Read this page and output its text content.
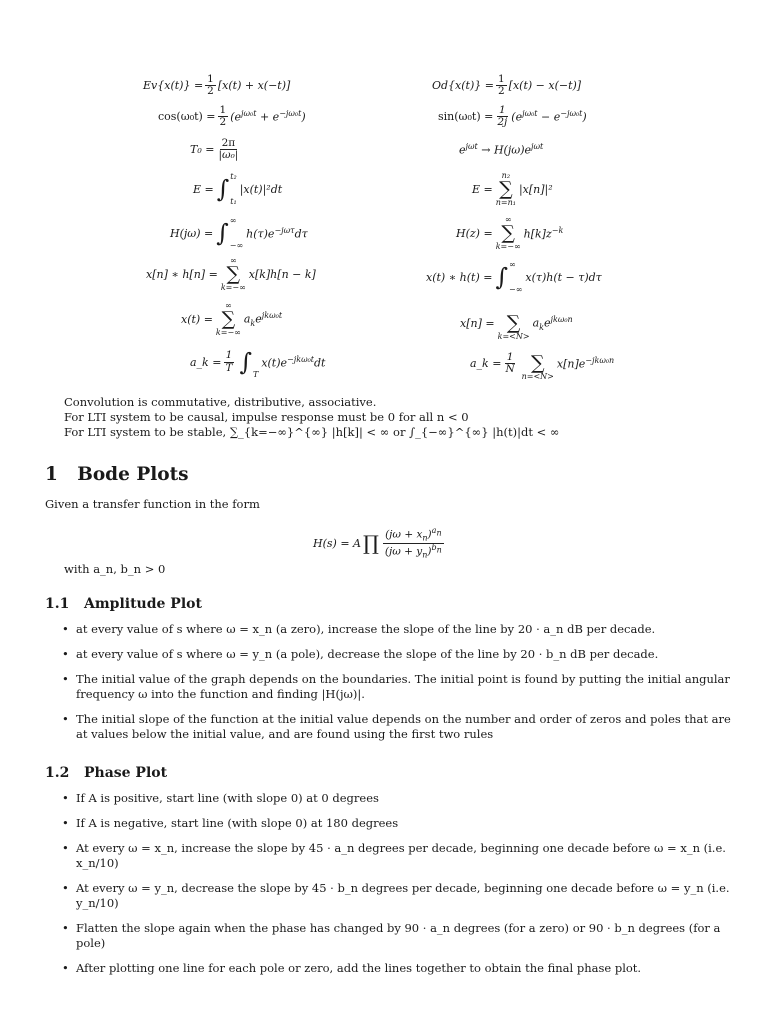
$Ev\{x(t)\} = \frac{1}{2} [x(t) + x(-t)]$
$\cos(\omega_0t) = \frac{1}{2} (e^{j\omega_0t} + e^{-j\omega_0t})$
$T_0 = \frac{2\pi}{\text{|ω₀|}}$
E = ∫ t₂
t₁
|x(t)|²dt
H(jω) = ∫ ∞
−∞
$h(\tau)e^{-j\omega\tau}d\tau$
x[n] ∗ h[n] =
∞
∑
k=−∞
x[k]h[n − k]
x(t) =
∞
∑
k=−∞
$a_ke^{jk\omega_0t}$
a_k = $\frac{1}{T}$ ∫ T
$x(t)e^{-jk\omega_0t}dt$
$Od\{x(t)\} = \frac{1}{2} [x(t) - x(-t)]$
$\sin(\omega_0t) = \frac{1}{2j} (e^{j\omega_0t} - e^{-j\omega_0t})$
$e^{j\omega t} \to H(j\omega)e^{j\omega t}$
E =
n₂
∑
n=n₁
|x[n]|²
H(z) =
∞
∑
k=−∞
$h[k]z^{-k}$
x(t) ∗ h(t) = ∫ ∞
−∞
x(τ)h(t − τ)dτ
x[n] =
∑
k=<N>
$a_ke^{jk\omega_0n}$
a_k = $\frac{1}{N}$
∑
n=<N>
$x[n]e^{-jk\omega_0n}$
Convolution is commutative, distributive, associative.
For LTI system to be causal, impulse response must be 0 for all n < 0
For LTI system to be stable, ∑_{k=−∞}^{∞} |h[k]| < ∞ or ∫_{−∞}^{∞} |h(t)|dt < ∞
1 Bode Plots
Given a transfer function in the form
H(s) = A ∏ $\frac{(j\omega + x_n)^{a_n}}{(j\omega + y_n)^{b_n}}$
with a_n, b_n > 0
1.1 Amplitude Plot
• at every value of s where ω = x_n (a zero), increase the slope of the line by 20 · a_n dB per decade.
• at every value of s where ω = y_n (a pole), decrease the slope of the line by 20 · b_n dB per decade.
• The initial value of the graph depends on the boundaries. The initial point is found by putting the initial angular frequency ω into the function and finding |H(jω)|.
• The initial slope of the function at the initial value depends on the number and order of zeros and poles that are at values below the initial value, and are found using the first two rules
1.2 Phase Plot
• If A is positive, start line (with slope 0) at 0 degrees
• If A is negative, start line (with slope 0) at 180 degrees
• At every ω = x_n, increase the slope by 45 · a_n degrees per decade, beginning one decade before ω = x_n (i.e. x_n/10)
• At every ω = y_n, decrease the slope by 45 · b_n degrees per decade, beginning one decade before ω = y_n (i.e. y_n/10)
• Flatten the slope again when the phase has changed by 90 · a_n degrees (for a zero) or 90 · b_n degrees (for a pole)
• After plotting one line for each pole or zero, add the lines together to obtain the final phase plot.
